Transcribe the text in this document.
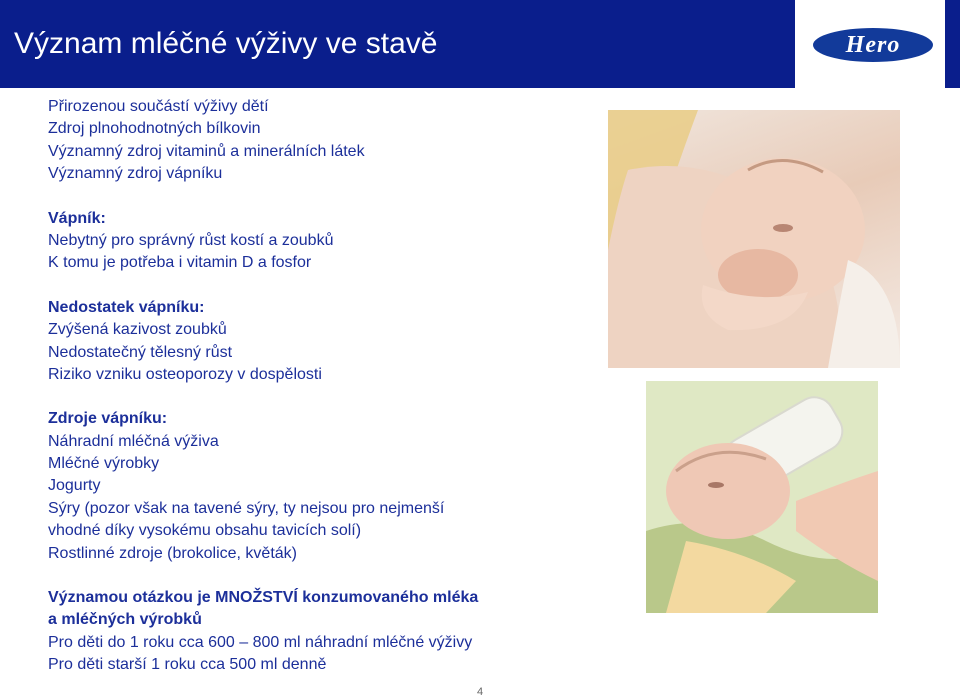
Význam mléčné výživy ve stavě	Hero
Přirozenou součástí výživy dětí
Zdroj plnohodnotných bílkovin
Významný zdroj vitaminů a minerálních látek
Významný zdroj vápníku
Vápník:
Nebytný pro správný růst kostí a zoubků
K tomu je potřeba i vitamin D a fosfor
Nedostatek vápníku:
Zvýšená kazivost zoubků
Nedostatečný tělesný růst
Riziko vzniku osteoporozy v dospělosti
Zdroje vápníku:
Náhradní mléčná výživa
Mléčné výrobky
Jogurty
Sýry (pozor však na tavené sýry, ty nejsou pro nejmenší
vhodné díky vysokému obsahu tavicích solí)
Rostlinné zdroje (brokolice, květák)
Významou otázkou je MNOŽSTVÍ konzumovaného mléka
a mléčných výrobků
Pro děti do 1 roku cca 600 – 800 ml náhradní mléčné výživy
Pro děti starší 1 roku cca 500 ml denně
4
